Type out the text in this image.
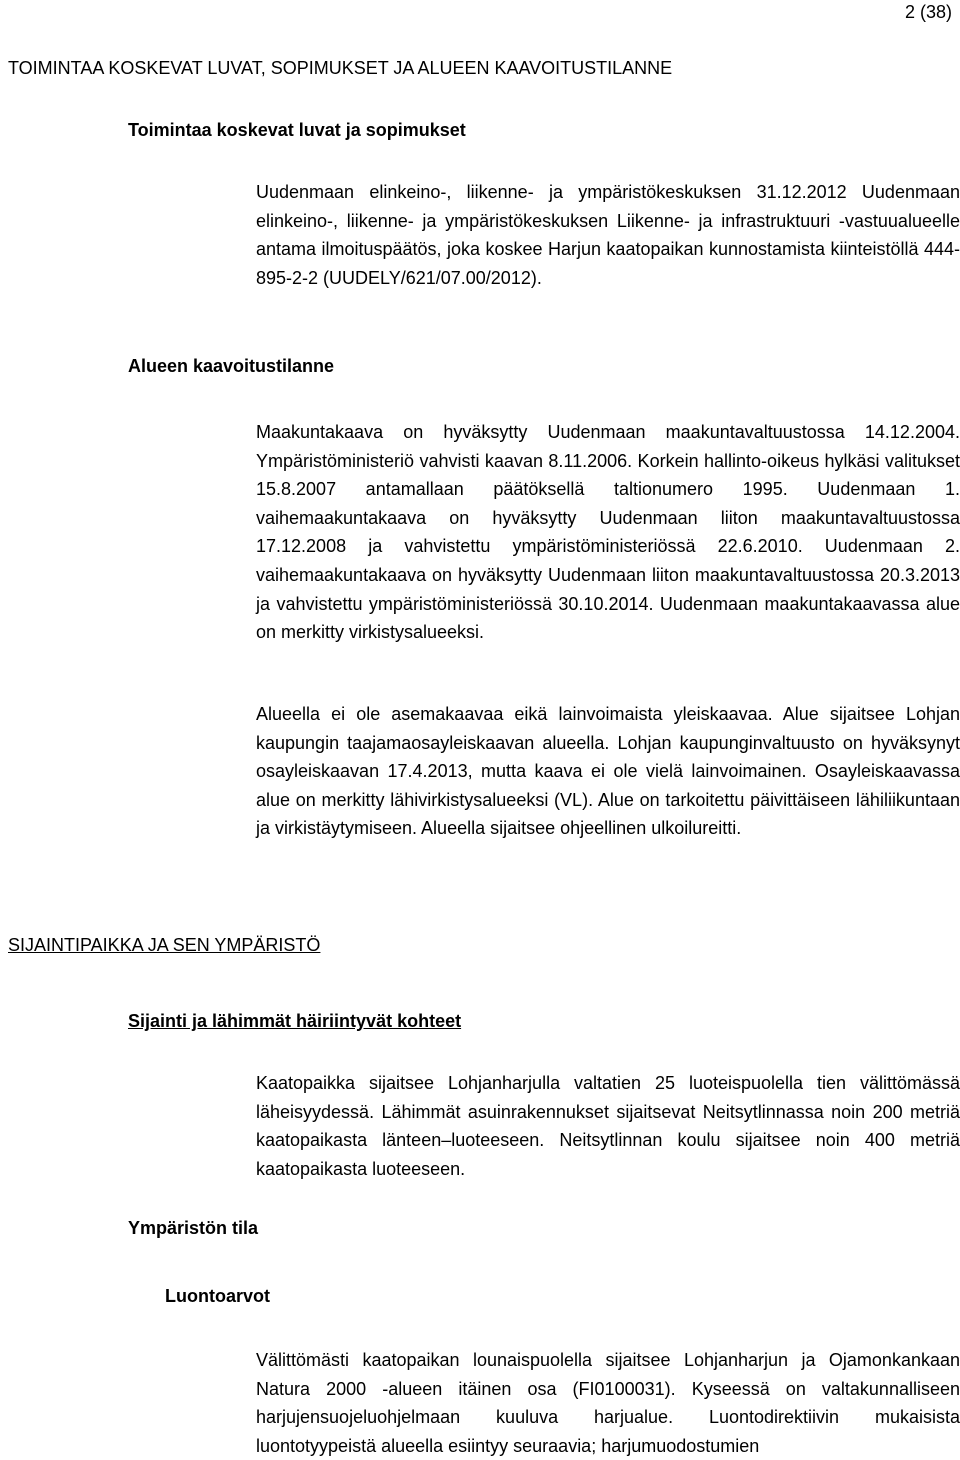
2 (38)
TOIMINTAA KOSKEVAT LUVAT, SOPIMUKSET JA ALUEEN KAAVOITUSTILANNE
Toimintaa koskevat luvat ja sopimukset

Uudenmaan elinkeino-, liikenne- ja ympäristökeskuksen 31.12.2012 Uudenmaan elinkeino-, liikenne- ja ympäristökeskuksen Liikenne- ja infrastruktuuri -vastuualueelle antama ilmoituspäätös, joka koskee Harjun kaatopaikan kunnostamista kiinteistöllä 444-895-2-2 (UUDELY/621/07.00/2012).

Alueen kaavoitustilanne

Maakuntakaava on hyväksytty Uudenmaan maakuntavaltuustossa 14.12.2004. Ympäristöministeriö vahvisti kaavan 8.11.2006. Korkein hallinto-oikeus hylkäsi valitukset 15.8.2007 antamallaan päätöksellä taltionumero 1995. Uudenmaan 1. vaihemaakuntakaava on hyväksytty Uudenmaan liiton maakuntavaltuustossa 17.12.2008 ja vahvistettu ympäristöministeriössä 22.6.2010. Uudenmaan 2. vaihemaakuntakaava on hyväksytty Uudenmaan liiton maakuntavaltuustossa 20.3.2013 ja vahvistettu ympäristöministeriössä 30.10.2014. Uudenmaan maakuntakaavassa alue on merkitty virkistysalueeksi.

Alueella ei ole asemakaavaa eikä lainvoimaista yleiskaavaa. Alue sijaitsee Lohjan kaupungin taajamaosayleiskaavan alueella. Lohjan kaupunginvaltuusto on hyväksynyt osayleiskaavan 17.4.2013, mutta kaava ei ole vielä lainvoimainen. Osayleiskaavassa alue on merkitty lähivirkistysalueeksi (VL). Alue on tarkoitettu päivittäiseen lähiliikuntaan ja virkistäytymiseen. Alueella sijaitsee ohjeellinen ulkoilureitti.

SIJAINTIPAIKKA JA SEN YMPÄRISTÖ
Sijainti ja lähimmät häiriintyvät kohteet

Kaatopaikka sijaitsee Lohjanharjulla valtatien 25 luoteispuolella tien välittömässä läheisyydessä. Lähimmät asuinrakennukset sijaitsevat Neitsytlinnassa noin 200 metriä kaatopaikasta länteen–luoteeseen. Neitsytlinnan koulu sijaitsee noin 400 metriä kaatopaikasta luoteeseen.

Ympäristön tila
Luontoarvot

Välittömästi kaatopaikan lounaispuolella sijaitsee Lohjanharjun ja Ojamonkankaan Natura 2000 -alueen itäinen osa (FI0100031). Kyseessä on valtakunnalliseen harjujensuojeluohjelmaan kuuluva harjualue. Luontodirektiivin mukaisista luontotyypeistä alueella esiintyy seuraavia; harjumuodostumien
